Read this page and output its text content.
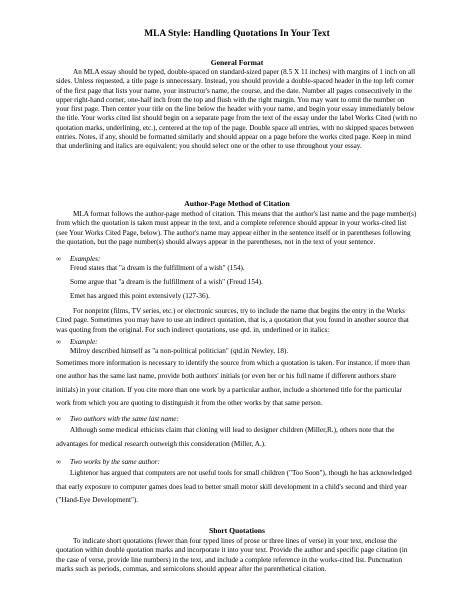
MLA Style: Handling Quotations In Your Text
General Format
An MLA essay should be typed, double-spaced on standard-sized paper (8.5 X 11 inches) with margins of 1 inch on all sides. Unless requested, a title page is unnecessary. Instead, you should provide a double-spaced header in the top left corner of the first page that lists your name, your instructor's name, the course, and the date. Number all pages consecutively in the upper right-hand corner, one-half inch from the top and flush with the right margin. You may want to omit the number on your first page. Then center your title on the line below the header with your name, and begin your essay immediately below the title. Your works cited list should begin on a separate page from the text of the essay under the label Works Cited (with no quotation marks, underlining, etc.), centered at the top of the page. Double space all entries, with no skipped spaces between entries. Notes, if any, should be formatted similarly and should appear on a page before the works cited page. Keep in mind that underlining and italics are equivalent; you should select one or the other to use throughout your essay.
Author-Page Method of Citation
MLA format follows the author-page method of citation. This means that the author's last name and the page number(s) from which the quotation is taken must appear in the text, and a complete reference should appear in your works-cited list (see Your Works Cited Page, below). The author's name may appear either in the sentence itself or in parentheses following the quotation, but the page number(s) should always appear in the parentheses, not in the text of your sentence.
∞ Examples:
Freud states that "a dream is the fulfillment of a wish" (154).
Some argue that "a dream is the fulfillment of a wish" (Freud 154).
Emet has argued this point extensively (127-36).
For nonprint (films, TV series, etc.) or electronic sources, try to include the name that begins the entry in the Works Cited page. Sometimes you may have to use an indirect quotation, that is, a quotation that you found in another source that was quoting from the original. For such indirect quotations, use qtd. in, underlined or in italics:
∞ Example:
Milroy described himself as "a non-political politician" (qtd.in Newley, 18).
Sometimes more information is necessary to identify the source from which a quotation is taken. For instance, if more than one author has the same last name, provide both authors' initials (or even her or his full name if different authors share initials) in your citation. If you cite more than one work by a particular author, include a shortened title for the particular work from which you are quoting to distinguish it from the other works by that same person.
∞ Two authors with the same last name:
Although some medical ethicists claim that cloning will lead to designer children (Miller,R.), others note that the advantages for medical research outweigh this consideration (Miller, A.).
∞ Two works by the same author:
Lightenor has argued that computers are not useful tools for small children ("Too Soon"), though he has acknowledged that early exposure to computer games does lead to better small motor skill development in a child's second and third year ("Hand-Eye Development").
Short Quotations
To indicate short quotations (fewer than four typed lines of prose or three lines of verse) in your text, enclose the quotation within double quotation marks and incorporate it into your text. Provide the author and specific page citation (in the case of verse, provide line numbers) in the text, and include a complete reference in the works-cited list. Punctuation marks such as periods, commas, and semicolons should appear after the parenthetical citation.
